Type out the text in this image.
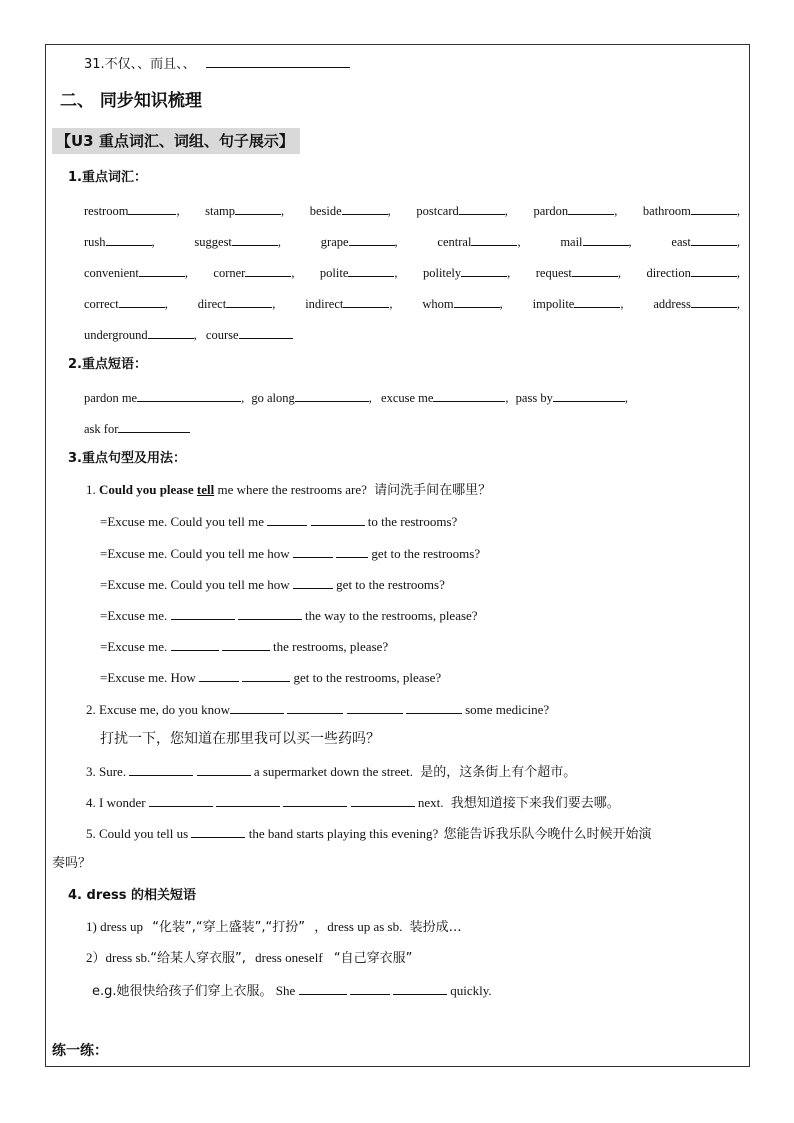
31.不仅、、而且、、
二、 同步知识梳理
【U3 重点词汇、词组、句子展示】
1.重点词汇：
restroom	, stamp	, beside	, postcard	, pardon	, bathroom	,
rush	,	suggest	,	grape	,	central	,	mail	,	east	,
convenient	, corner	, polite	, politely	, request	, direction	,
correct	, direct	, indirect	, whom	, impolite	, address	,
underground	, course
2.重点短语：
pardon me	, go along	, excuse me	, pass by	,
ask for
3.重点句型及用法：
1. Could you please tell me where the restrooms are? 请问洗手间在哪里？
=Excuse me. Could you tell me	to the restrooms?
=Excuse me. Could you tell me how	get to the restrooms?
=Excuse me. Could you tell me how	get to the restrooms?
=Excuse me.	the way to the restrooms, please?
=Excuse me.	the restrooms, please?
=Excuse me. How	get to the restrooms, please?
2. Excuse me, do you know	some medicine?
打扰一下，您知道在那里我可以买一些药吗？
3. Sure.	a supermarket down the street. 是的，这条街上有个超市。
4. I wonder	next. 我想知道接下来我们要去哪。
5. Could you tell us	the band starts playing this evening? 您能告诉我乐队今晚什么时候开始演
奏吗？
4. dress 的相关短语
1) dress up “化装”,“穿上盛装”,“打扮” ，dress up as sb. 装扮成…
2）dress sb.“给某人穿衣服”, dress oneself “自己穿衣服”
e.g.她很快给孩子们穿上衣服。 She	quickly.
练一练：
